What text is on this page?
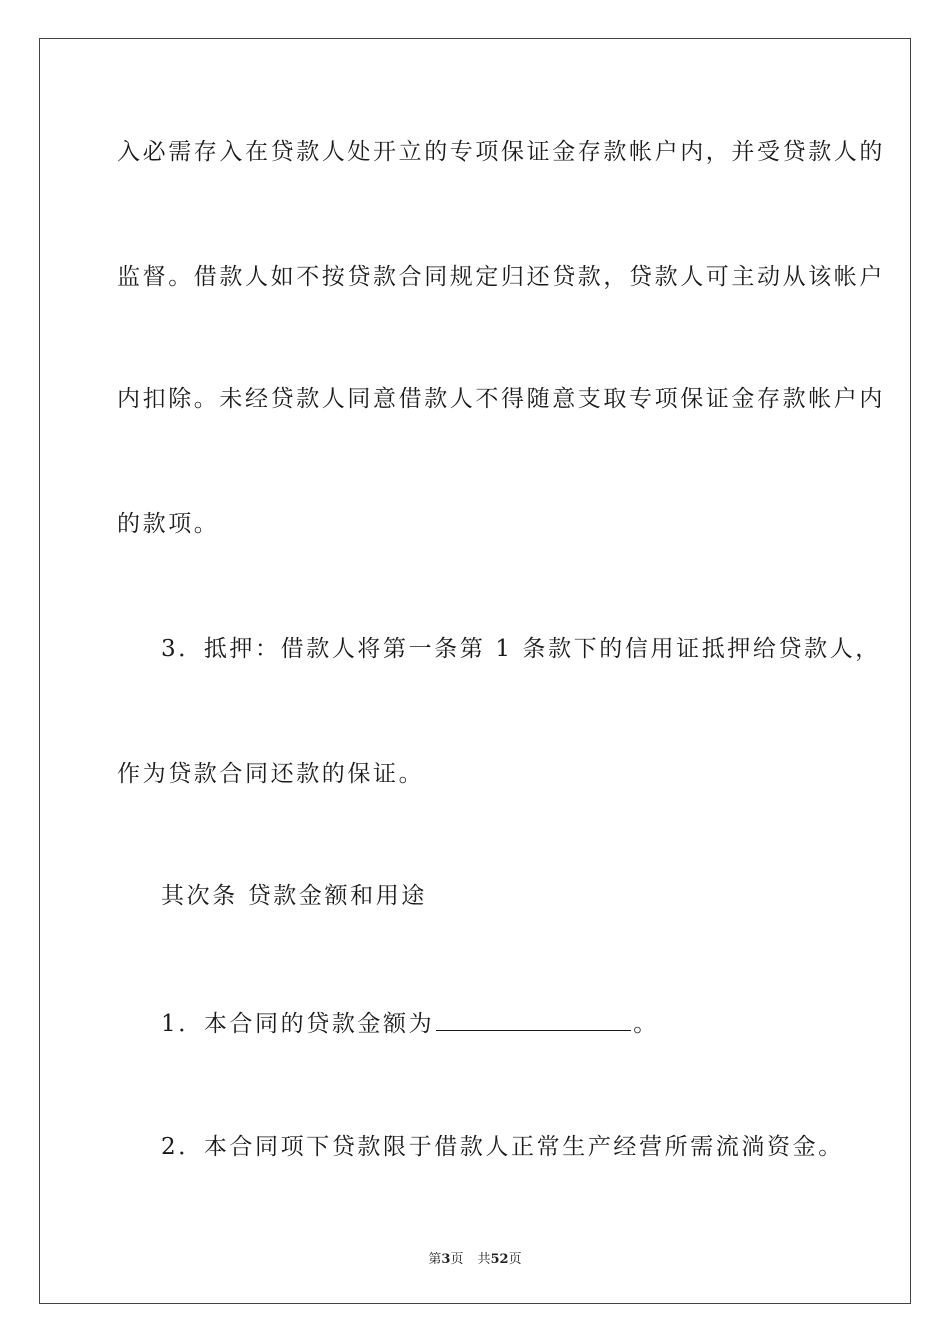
入必需存入在贷款人处开立的专项保证金存款帐户内，并受贷款人的
监督。借款人如不按贷款合同规定归还贷款，贷款人可主动从该帐户
内扣除。未经贷款人同意借款人不得随意支取专项保证金存款帐户内
的款项。
3．抵押：借款人将第一条第 1 条款下的信用证抵押给贷款人，
作为贷款合同还款的保证。
其次条 贷款金额和用途
1．本合同的贷款金额为	。
2．本合同项下贷款限于借款人正常生产经营所需流淌资金。
第3页 共52页
